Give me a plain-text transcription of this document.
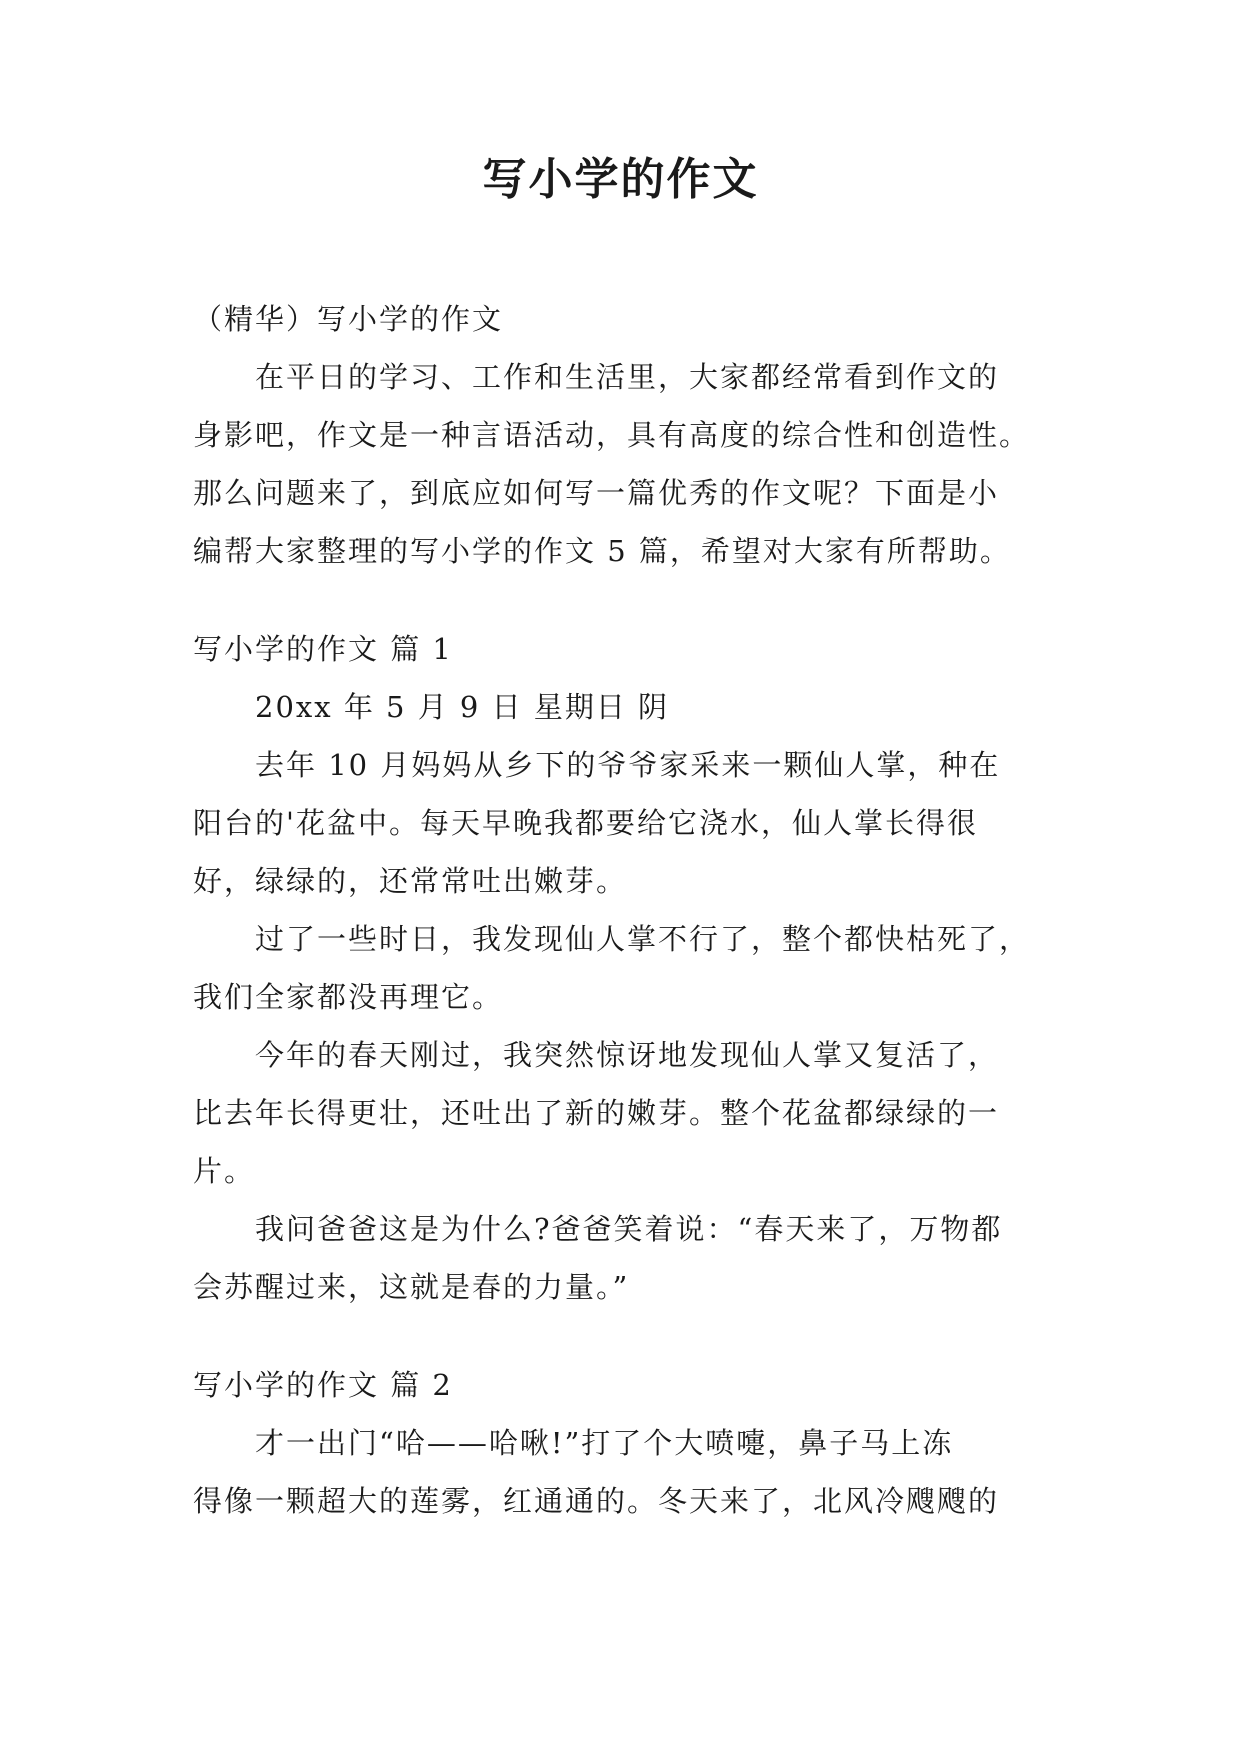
写小学的作文
（精华）写小学的作文
在平日的学习、工作和生活里，大家都经常看到作文的
身影吧，作文是一种言语活动，具有高度的综合性和创造性。
那么问题来了，到底应如何写一篇优秀的作文呢？下面是小
编帮大家整理的写小学的作文 5 篇，希望对大家有所帮助。
写小学的作文 篇 1
20xx 年 5 月 9 日 星期日 阴
去年 10 月妈妈从乡下的爷爷家采来一颗仙人掌，种在
阳台的'花盆中。每天早晚我都要给它浇水，仙人掌长得很
好，绿绿的，还常常吐出嫩芽。
过了一些时日，我发现仙人掌不行了，整个都快枯死了，
我们全家都没再理它。
今年的春天刚过，我突然惊讶地发现仙人掌又复活了，
比去年长得更壮，还吐出了新的嫩芽。整个花盆都绿绿的一
片。
我问爸爸这是为什么?爸爸笑着说：“春天来了，万物都
会苏醒过来，这就是春的力量。”
写小学的作文 篇 2
才一出门“哈——哈啾!”打了个大喷嚏，鼻子马上冻
得像一颗超大的莲雾，红通通的。冬天来了，北风冷飕飕的
